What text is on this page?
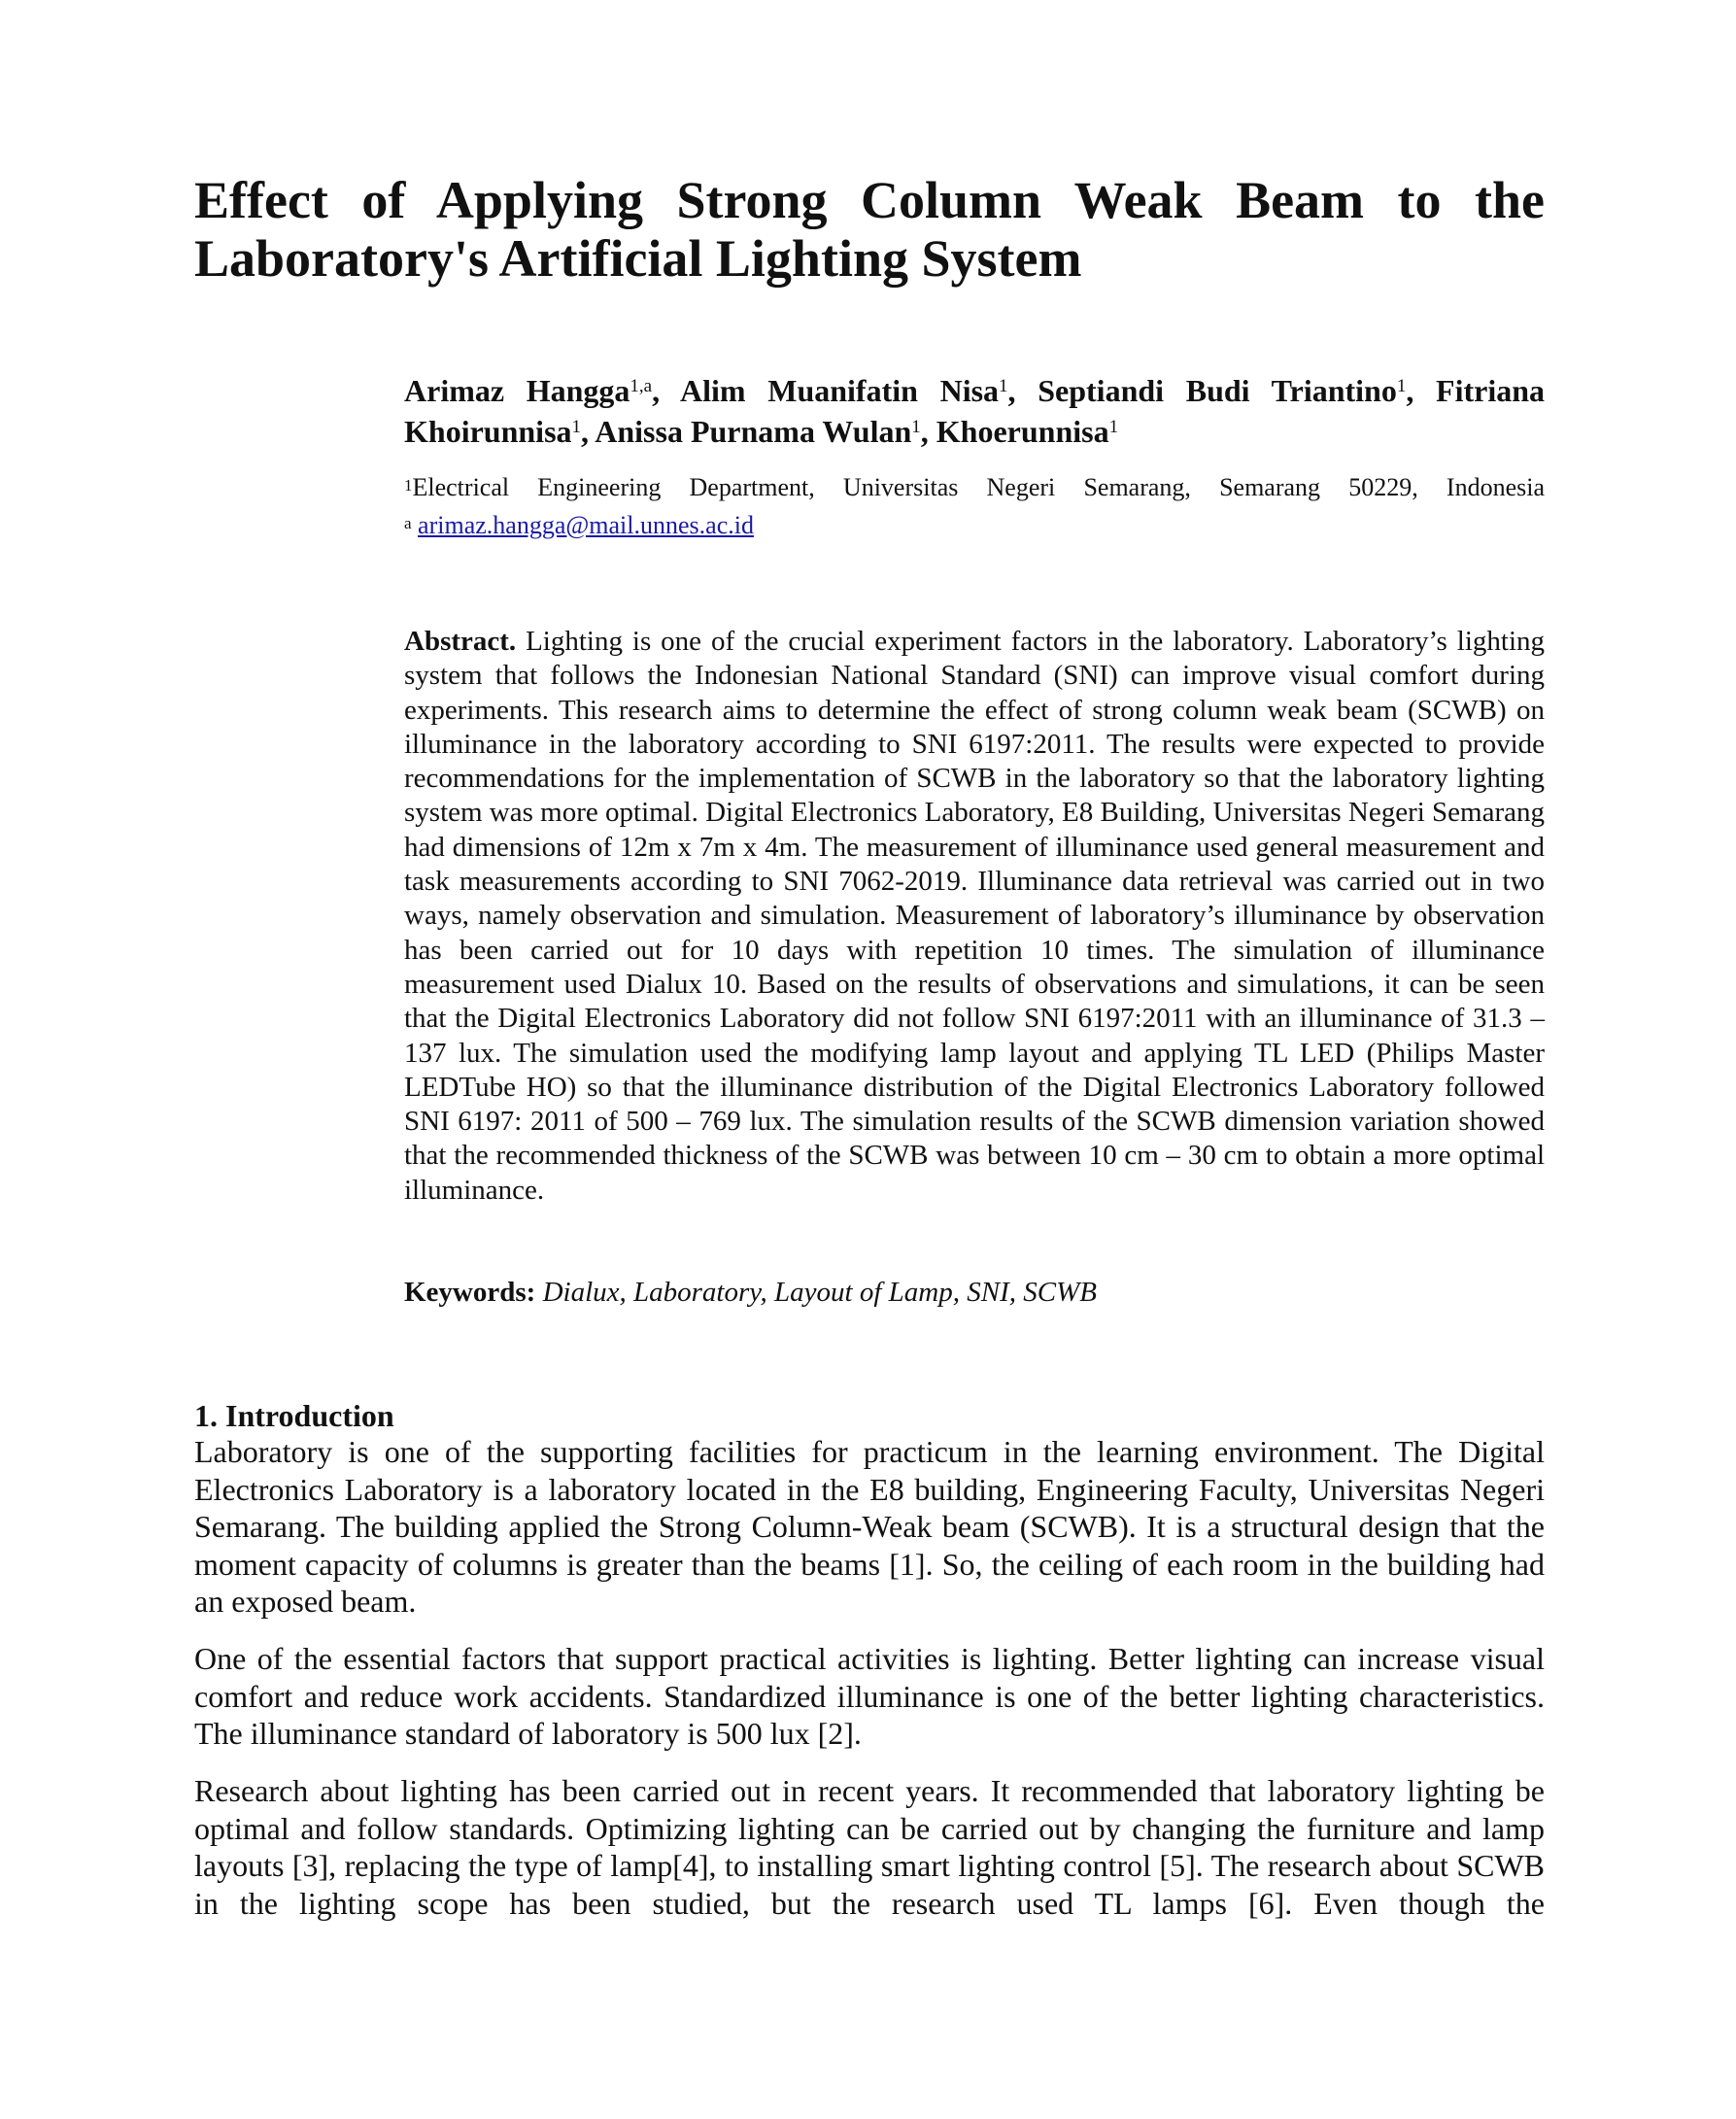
Effect of Applying Strong Column Weak Beam to the
Laboratory's Artificial Lighting System

Arimaz Hangga$^{1,a}$, Alim Muanifatin Nisa$^1$, Septiandi Budi Triantino$^1$, Fitriana Khoirunnisa$^1$, Anissa Purnama Wulan$^1$, Khoerunnisa$^1$

$^1$Electrical Engineering Department, Universitas Negeri Semarang, Semarang 50229, Indonesia
$^a$ arimaz.hangga@mail.unnes.ac.id

Abstract. Lighting is one of the crucial experiment factors in the laboratory. Laboratory’s lighting system that follows the Indonesian National Standard (SNI) can improve visual comfort during experiments. This research aims to determine the effect of strong column weak beam (SCWB) on illuminance in the laboratory according to SNI 6197:2011. The results were expected to provide recommendations for the implementation of SCWB in the laboratory so that the laboratory lighting system was more optimal. Digital Electronics Laboratory, E8 Building, Universitas Negeri Semarang had dimensions of 12m x 7m x 4m. The measurement of illuminance used general measurement and task measurements according to SNI 7062-2019. Illuminance data retrieval was carried out in two ways, namely observation and simulation. Measurement of laboratory’s illuminance by observation has been carried out for 10 days with repetition 10 times. The simulation of illuminance measurement used Dialux 10. Based on the results of observations and simulations, it can be seen that the Digital Electronics Laboratory did not follow SNI 6197:2011 with an illuminance of 31.3 – 137 lux. The simulation used the modifying lamp layout and applying TL LED (Philips Master LEDTube HO) so that the illuminance distribution of the Digital Electronics Laboratory followed SNI 6197: 2011 of 500 – 769 lux. The simulation results of the SCWB dimension variation showed that the recommended thickness of the SCWB was between 10 cm – 30 cm to obtain a more optimal illuminance.

Keywords: Dialux, Laboratory, Layout of Lamp, SNI, SCWB

1. Introduction

Laboratory is one of the supporting facilities for practicum in the learning environment. The Digital Electronics Laboratory is a laboratory located in the E8 building, Engineering Faculty, Universitas Negeri Semarang. The building applied the Strong Column-Weak beam (SCWB). It is a structural design that the moment capacity of columns is greater than the beams [1]. So, the ceiling of each room in the building had an exposed beam.

One of the essential factors that support practical activities is lighting. Better lighting can increase visual comfort and reduce work accidents. Standardized illuminance is one of the better lighting characteristics. The illuminance standard of laboratory is 500 lux [2].

Research about lighting has been carried out in recent years. It recommended that laboratory lighting be optimal and follow standards. Optimizing lighting can be carried out by changing the furniture and lamp layouts [3], replacing the type of lamp[4], to installing smart lighting control [5]. The research about SCWB in the lighting scope has been studied, but the research used TL lamps [6]. Even though the
